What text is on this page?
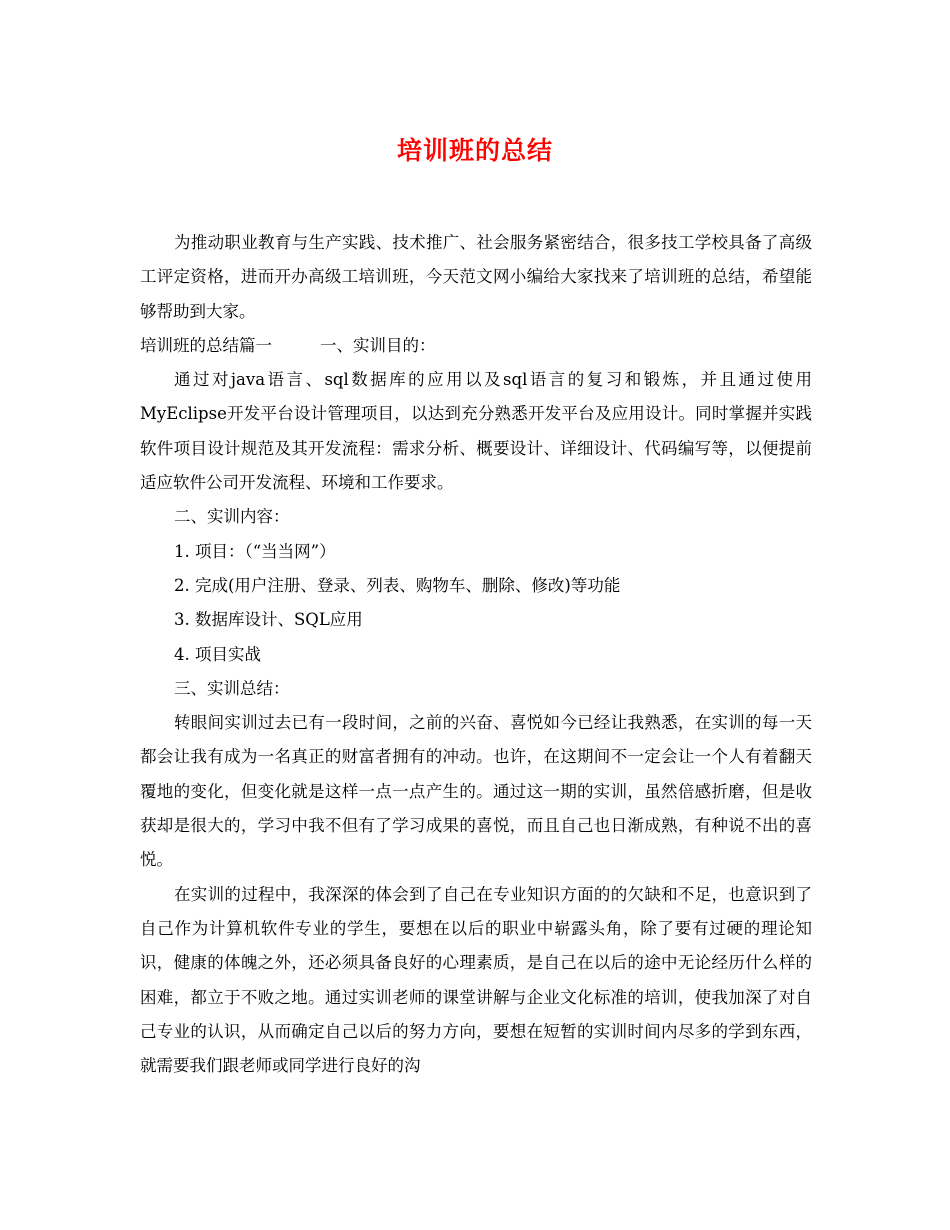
培训班的总结

为推动职业教育与生产实践、技术推广、社会服务紧密结合，很多技工学校具备了高级工评定资格，进而开办高级工培训班，今天范文网小编给大家找来了培训班的总结，希望能够帮助到大家。

培训班的总结篇一	一、实训目的：

通过对java语言、sql数据库的应用以及sql语言的复习和锻炼，并且通过使用MyEclipse开发平台设计管理项目，以达到充分熟悉开发平台及应用设计。同时掌握并实践软件项目设计规范及其开发流程：需求分析、概要设计、详细设计、代码编写等，以便提前适应软件公司开发流程、环境和工作要求。

二、实训内容：

1. 项目：（“当当网”）

2. 完成(用户注册、登录、列表、购物车、删除、修改)等功能

3. 数据库设计、SQL应用

4. 项目实战

三、实训总结：

转眼间实训过去已有一段时间，之前的兴奋、喜悦如今已经让我熟悉，在实训的每一天都会让我有成为一名真正的财富者拥有的冲动。也许，在这期间不一定会让一个人有着翻天覆地的变化，但变化就是这样一点一点产生的。通过这一期的实训，虽然倍感折磨，但是收获却是很大的，学习中我不但有了学习成果的喜悦，而且自己也日渐成熟，有种说不出的喜悦。

在实训的过程中，我深深的体会到了自己在专业知识方面的的欠缺和不足，也意识到了自己作为计算机软件专业的学生，要想在以后的职业中崭露头角，除了要有过硬的理论知识，健康的体魄之外，还必须具备良好的心理素质，是自己在以后的途中无论经历什么样的困难，都立于不败之地。通过实训老师的课堂讲解与企业文化标准的培训，使我加深了对自己专业的认识，从而确定自己以后的努力方向，要想在短暂的实训时间内尽多的学到东西，就需要我们跟老师或同学进行良好的沟
